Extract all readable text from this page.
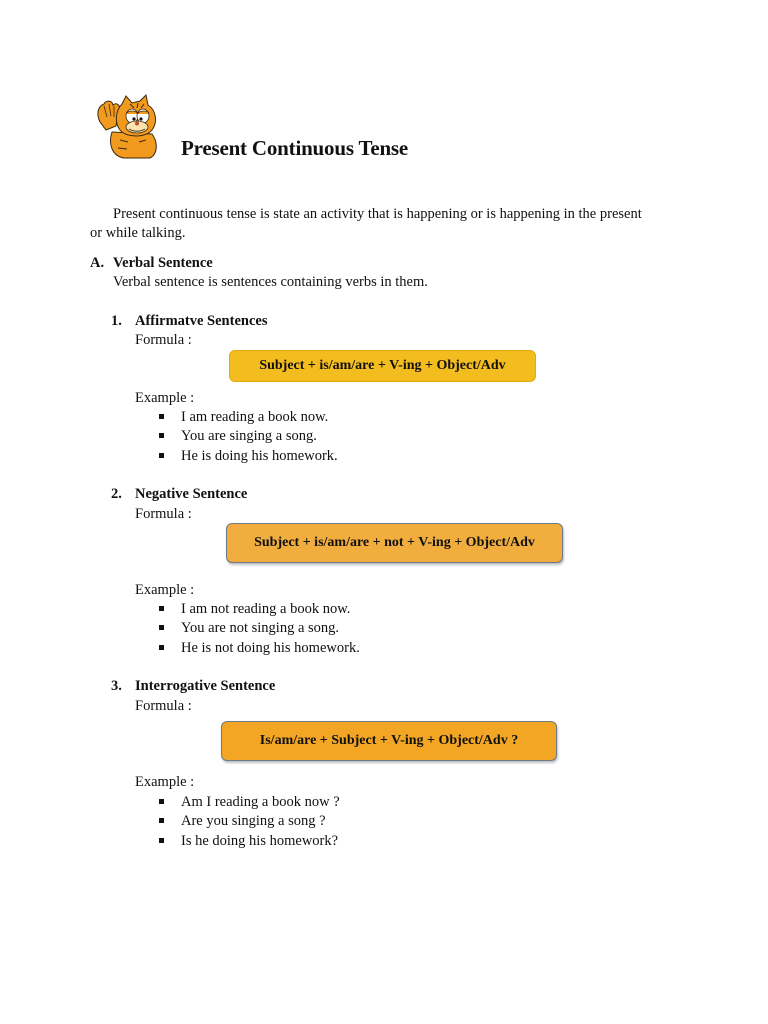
Present Continuous Tense
Present continuous tense is state an activity that is happening or is happening in the present
or while talking.
A. Verbal Sentence
Verbal sentence is sentences containing verbs in them.
1. Affirmatve Sentences
Formula :
Subject + is/am/are + V-ing + Object/Adv
Example :
I am reading a book now.
You are singing a song.
He is doing his homework.
2. Negative Sentence
Formula :
Subject + is/am/are + not + V-ing + Object/Adv
Example :
I am not reading a book now.
You are not singing a song.
He is not doing his homework.
3. Interrogative Sentence
Formula :
Is/am/are + Subject + V-ing + Object/Adv ?
Example :
Am I reading a book now ?
Are you singing a song ?
Is he doing his homework?
